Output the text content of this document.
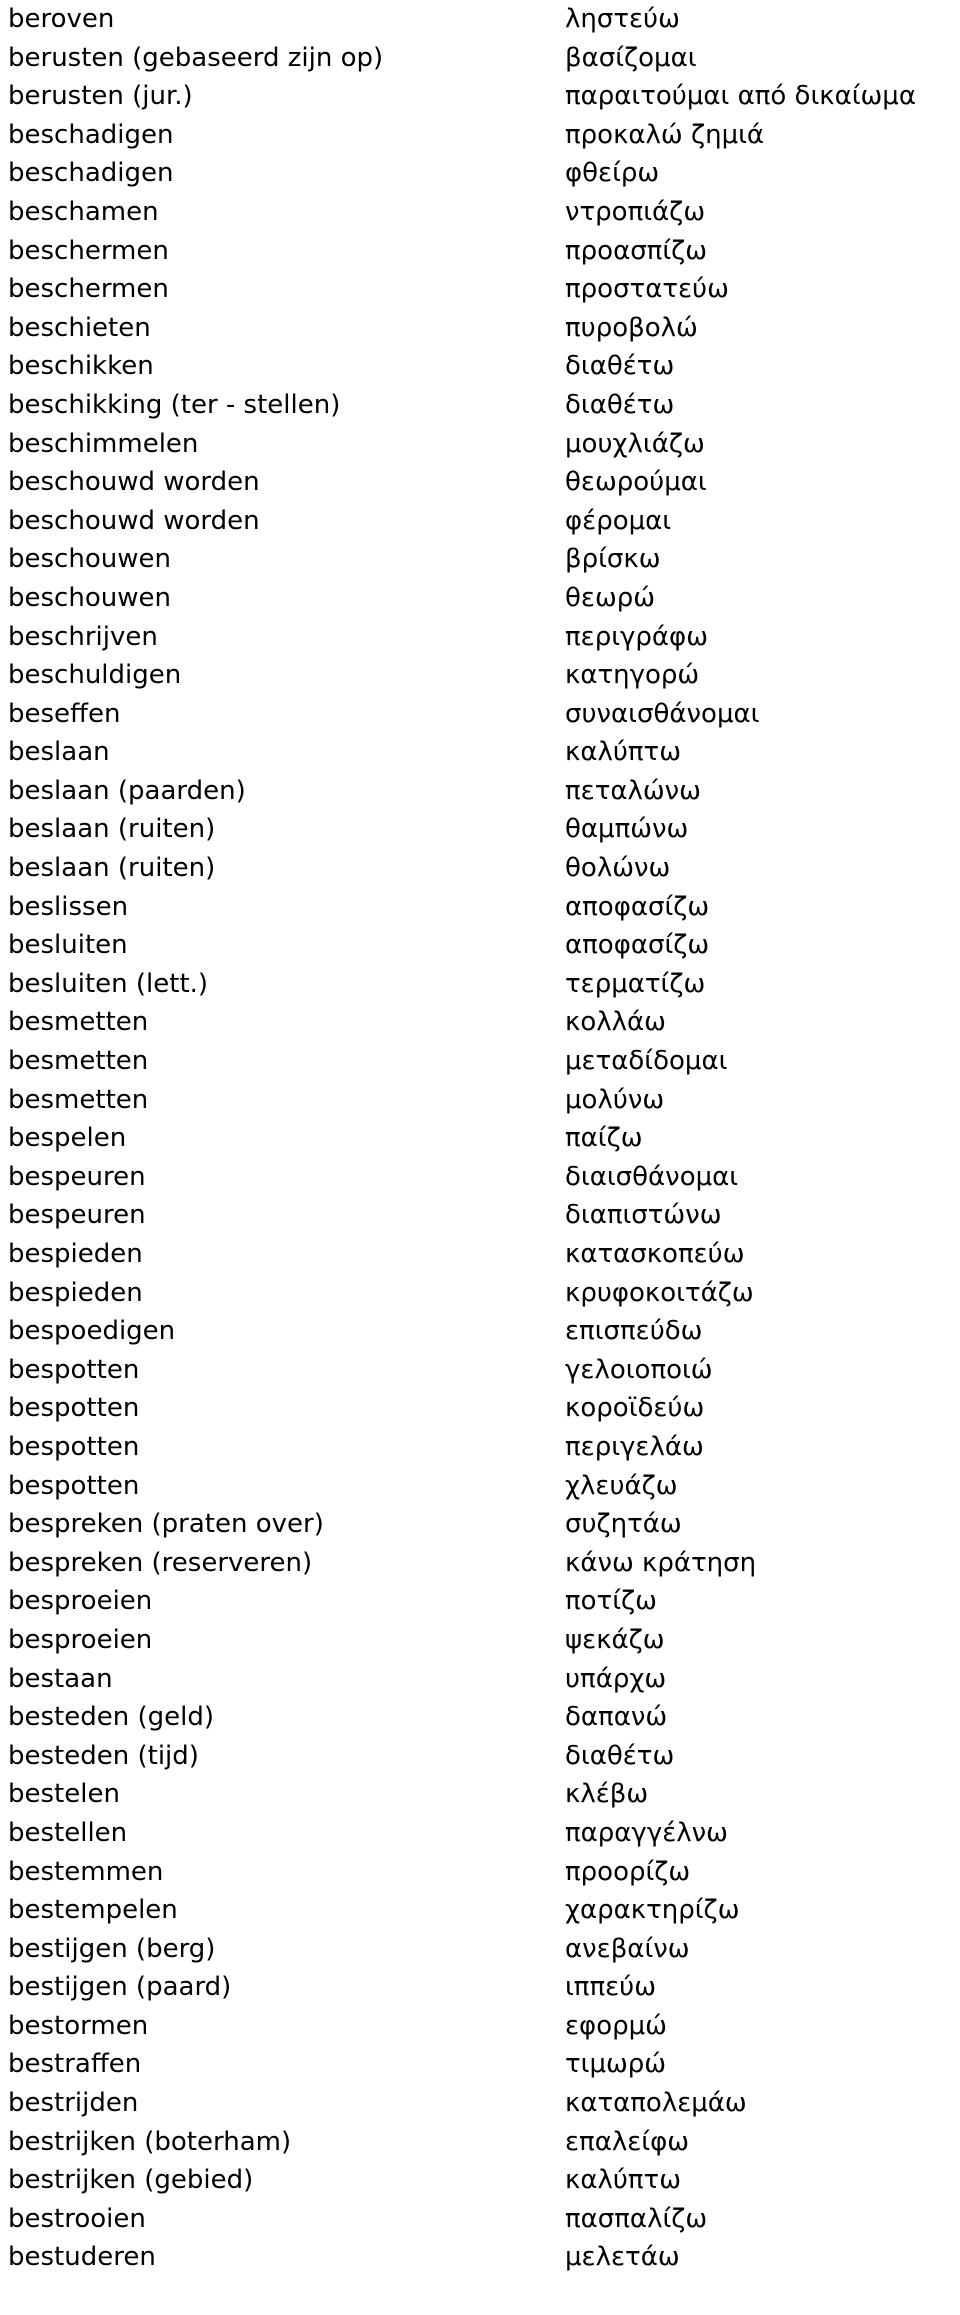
beroven	ληστεύω
berusten (gebaseerd zijn op)	βασίζομαι
berusten (jur.)	παραιτούμαι από δικαίωμα
beschadigen	προκαλώ ζημιά
beschadigen	φθείρω
beschamen	ντροπιάζω
beschermen	προασπίζω
beschermen	προστατεύω
beschieten	πυροβολώ
beschikken	διαθέτω
beschikking (ter - stellen)	διαθέτω
beschimmelen	μουχλιάζω
beschouwd worden	θεωρούμαι
beschouwd worden	φέρομαι
beschouwen	βρίσκω
beschouwen	θεωρώ
beschrijven	περιγράφω
beschuldigen	κατηγορώ
beseffen	συναισθάνομαι
beslaan	καλύπτω
beslaan (paarden)	πεταλώνω
beslaan (ruiten)	θαμπώνω
beslaan (ruiten)	θολώνω
beslissen	αποφασίζω
besluiten	αποφασίζω
besluiten (lett.)	τερματίζω
besmetten	κολλάω
besmetten	μεταδίδομαι
besmetten	μολύνω
bespelen	παίζω
bespeuren	διαισθάνομαι
bespeuren	διαπιστώνω
bespieden	κατασκοπεύω
bespieden	κρυφοκοιτάζω
bespoedigen	επισπεύδω
bespotten	γελοιοποιώ
bespotten	κοροϊδεύω
bespotten	περιγελάω
bespotten	χλευάζω
bespreken (praten over)	συζητάω
bespreken (reserveren)	κάνω κράτηση
besproeien	ποτίζω
besproeien	ψεκάζω
bestaan	υπάρχω
besteden (geld)	δαπανώ
besteden (tijd)	διαθέτω
bestelen	κλέβω
bestellen	παραγγέλνω
bestemmen	προορίζω
bestempelen	χαρακτηρίζω
bestijgen (berg)	ανεβαίνω
bestijgen (paard)	ιππεύω
bestormen	εφορμώ
bestraffen	τιμωρώ
bestrijden	καταπολεμάω
bestrijken (boterham)	επαλείφω
bestrijken (gebied)	καλύπτω
bestrooien	πασπαλίζω
bestuderen	μελετάω
